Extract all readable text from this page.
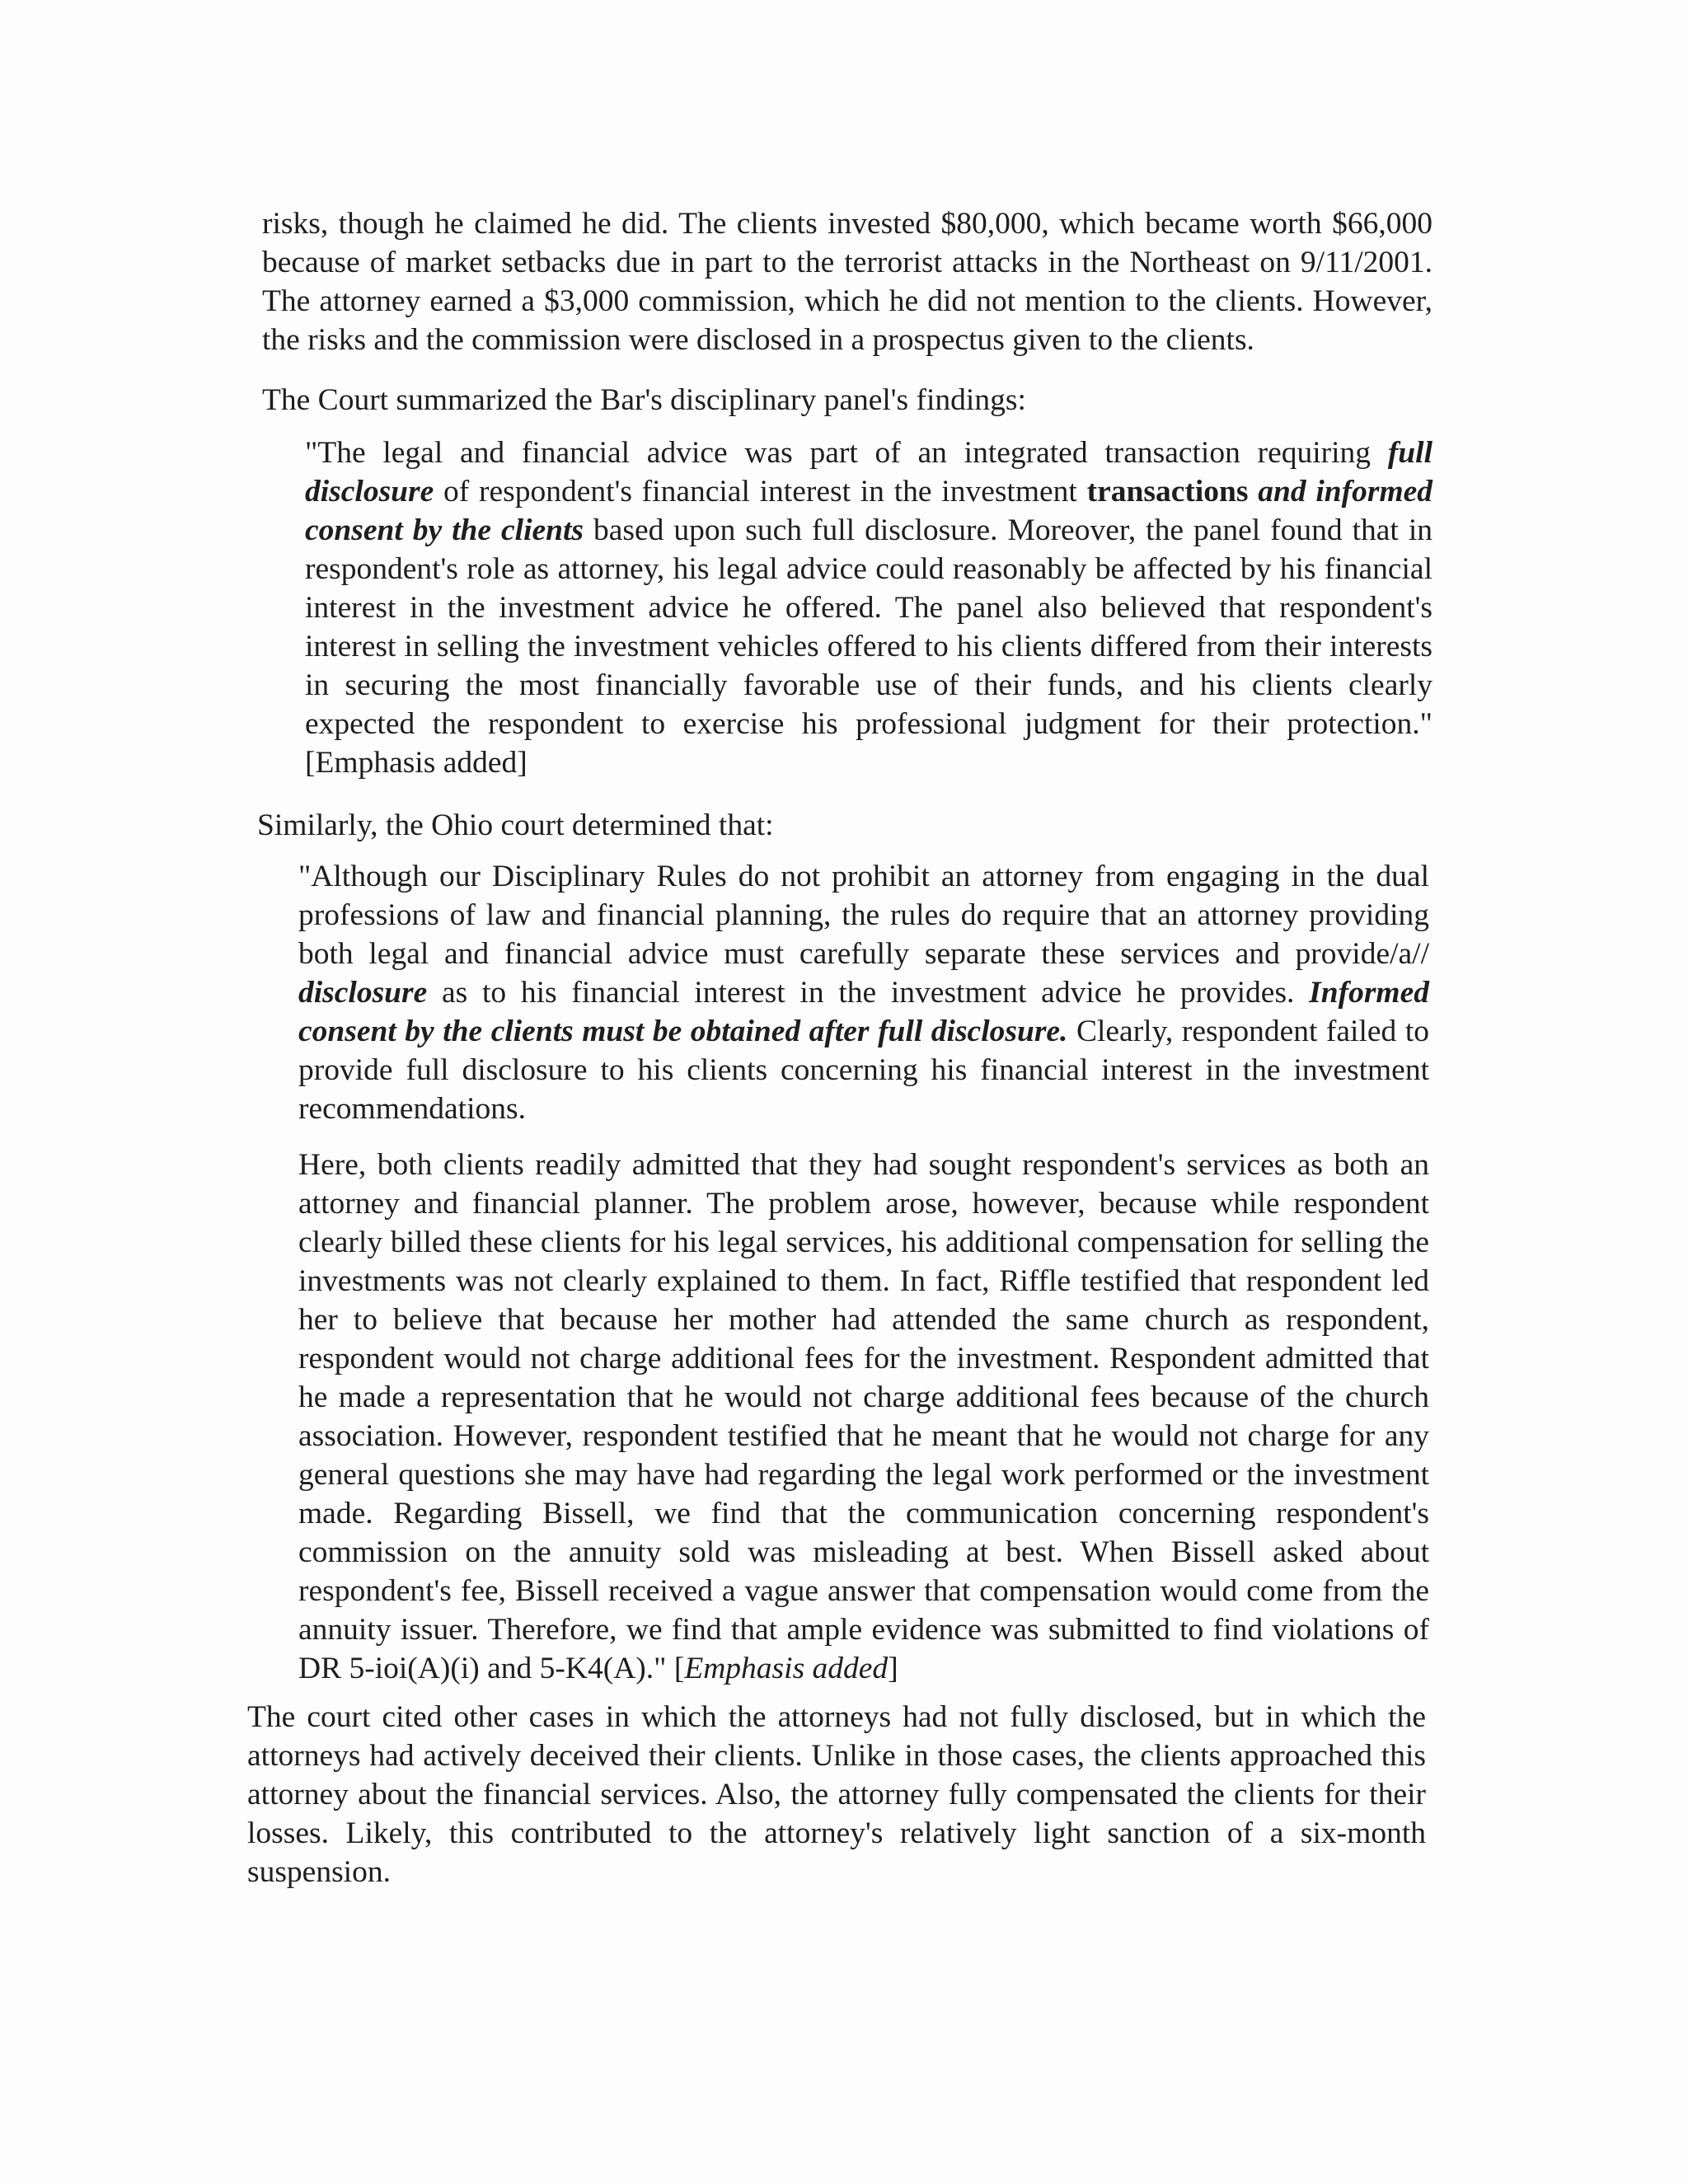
risks, though he claimed he did. The clients invested $80,000, which became worth $66,000 because of market setbacks due in part to the terrorist attacks in the Northeast on 9/11/2001. The attorney earned a $3,000 commission, which he did not mention to the clients. However, the risks and the commission were disclosed in a prospectus given to the clients.

The Court summarized the Bar's disciplinary panel's findings:

"The legal and financial advice was part of an integrated transaction requiring full disclosure of respondent's financial interest in the investment transactions and informed consent by the clients based upon such full disclosure. Moreover, the panel found that in respondent's role as attorney, his legal advice could reasonably be affected by his financial interest in the investment advice he offered. The panel also believed that respondent's interest in selling the investment vehicles offered to his clients differed from their interests in securing the most financially favorable use of their funds, and his clients clearly expected the respondent to exercise his professional judgment for their protection." [Emphasis added]

Similarly, the Ohio court determined that:

"Although our Disciplinary Rules do not prohibit an attorney from engaging in the dual professions of law and financial planning, the rules do require that an attorney providing both legal and financial advice must carefully separate these services and provide/a// disclosure as to his financial interest in the investment advice he provides. Informed consent by the clients must be obtained after full disclosure. Clearly, respondent failed to provide full disclosure to his clients concerning his financial interest in the investment recommendations.

Here, both clients readily admitted that they had sought respondent's services as both an attorney and financial planner. The problem arose, however, because while respondent clearly billed these clients for his legal services, his additional compensation for selling the investments was not clearly explained to them. In fact, Riffle testified that respondent led her to believe that because her mother had attended the same church as respondent, respondent would not charge additional fees for the investment. Respondent admitted that he made a representation that he would not charge additional fees because of the church association. However, respondent testified that he meant that he would not charge for any general questions she may have had regarding the legal work performed or the investment made. Regarding Bissell, we find that the communication concerning respondent's commission on the annuity sold was misleading at best. When Bissell asked about respondent's fee, Bissell received a vague answer that compensation would come from the annuity issuer. Therefore, we find that ample evidence was submitted to find violations of DR 5-ioi(A)(i) and 5-K4(A)." [Emphasis added]

The court cited other cases in which the attorneys had not fully disclosed, but in which the attorneys had actively deceived their clients. Unlike in those cases, the clients approached this attorney about the financial services. Also, the attorney fully compensated the clients for their losses. Likely, this contributed to the attorney's relatively light sanction of a six-month suspension.
